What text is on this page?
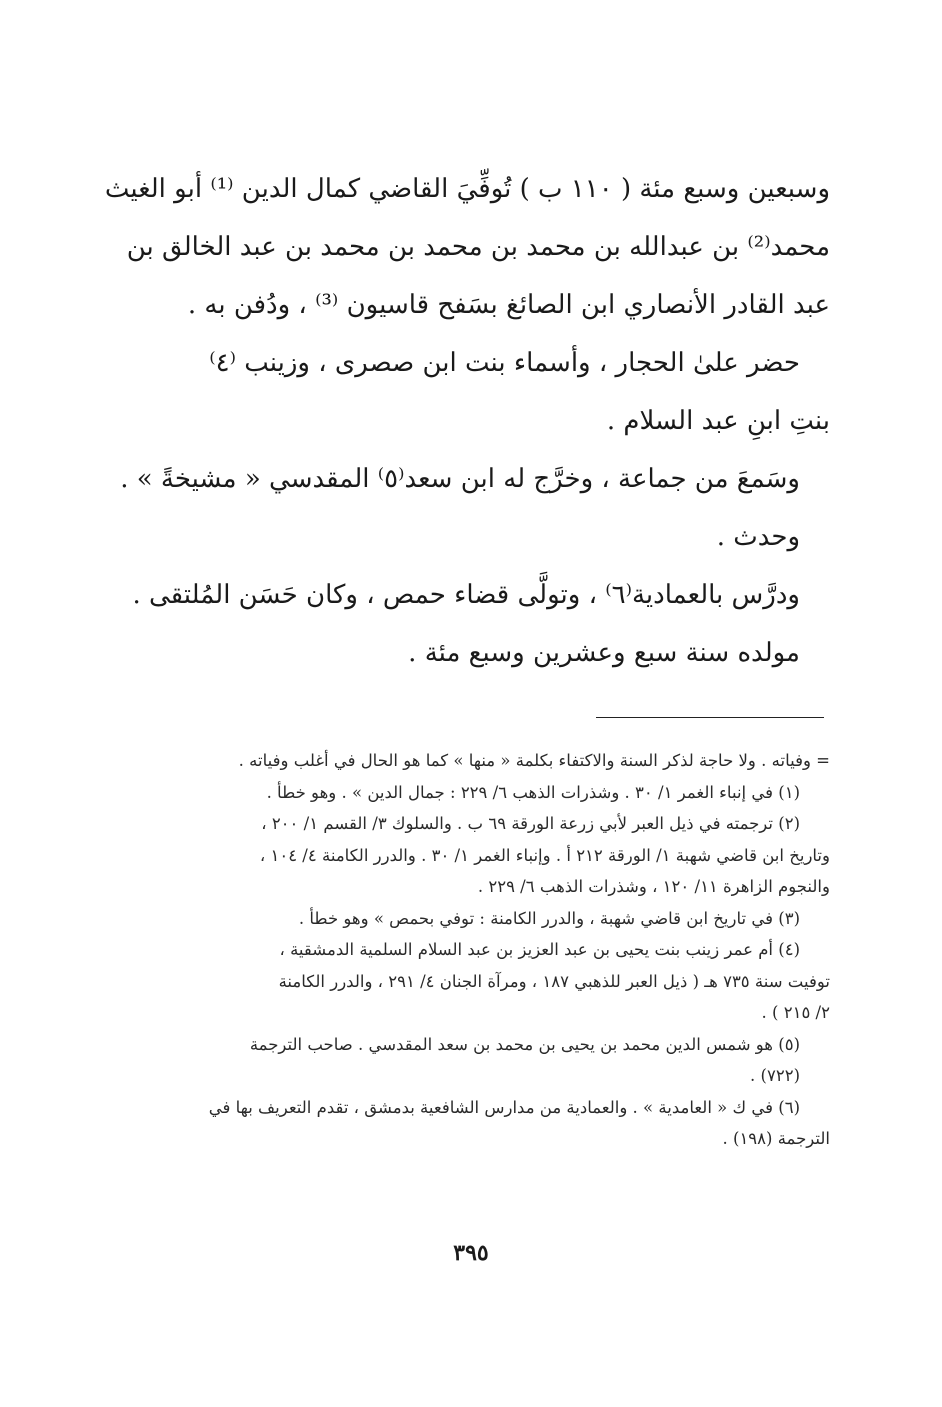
وسبعين وسبع مئة ( ١١٠ ب ) تُوفِّيَ القاضي كمال الدين ⁽¹⁾ أبو الغيث
محمد⁽²⁾ بن عبدالله بن محمد بن محمد بن محمد بن عبد الخالق بن
عبد القادر الأنصاري ابن الصائغ بسَفح قاسيون ⁽³⁾ ، ودُفن به .
حضر علىٰ الحجار ، وأسماء بنت ابن صصرى ، وزينب ⁽٤⁾
بنتِ ابنِ عبد السلام .
وسَمعَ من جماعة ، وخرَّج له ابن سعد⁽٥⁾ المقدسي « مشيخةً » .
وحدث .
ودرَّس بالعمادية⁽٦⁾ ، وتولَّى قضاء حمص ، وكان حَسَن المُلتقى .
مولده سنة سبع وعشرين وسبع مئة .
= وفياته . ولا حاجة لذكر السنة والاكتفاء بكلمة « منها » كما هو الحال في أغلب وفياته .
(١) في إنباء الغمر ١/ ٣٠ . وشذرات الذهب ٦/ ٢٢٩ : جمال الدين » . وهو خطأ .
(٢) ترجمته في ذيل العبر لأبي زرعة الورقة ٦٩ ب . والسلوك ٣/ القسم ١/ ٢٠٠ ،
وتاريخ ابن قاضي شهبة ١/ الورقة ٢١٢ أ . وإنباء الغمر ١/ ٣٠ . والدرر الكامنة ٤/ ١٠٤ ،
والنجوم الزاهرة ١١/ ١٢٠ ، وشذرات الذهب ٦/ ٢٢٩ .
(٣) في تاريخ ابن قاضي شهبة ، والدرر الكامنة : توفي بحمص » وهو خطأ .
(٤) أم عمر زينب بنت يحيى بن عبد العزيز بن عبد السلام السلمية الدمشقية ،
توفيت سنة ٧٣٥ هـ ( ذيل العبر للذهبي ١٨٧ ، ومرآة الجنان ٤/ ٢٩١ ، والدرر الكامنة
٢/ ٢١٥ ) .
(٥) هو شمس الدين محمد بن يحيى بن محمد بن سعد المقدسي . صاحب الترجمة
(٧٢٢) .
(٦) في ك « العامدية » . والعمادية من مدارس الشافعية بدمشق ، تقدم التعريف بها في
الترجمة (١٩٨) .
٣٩٥
